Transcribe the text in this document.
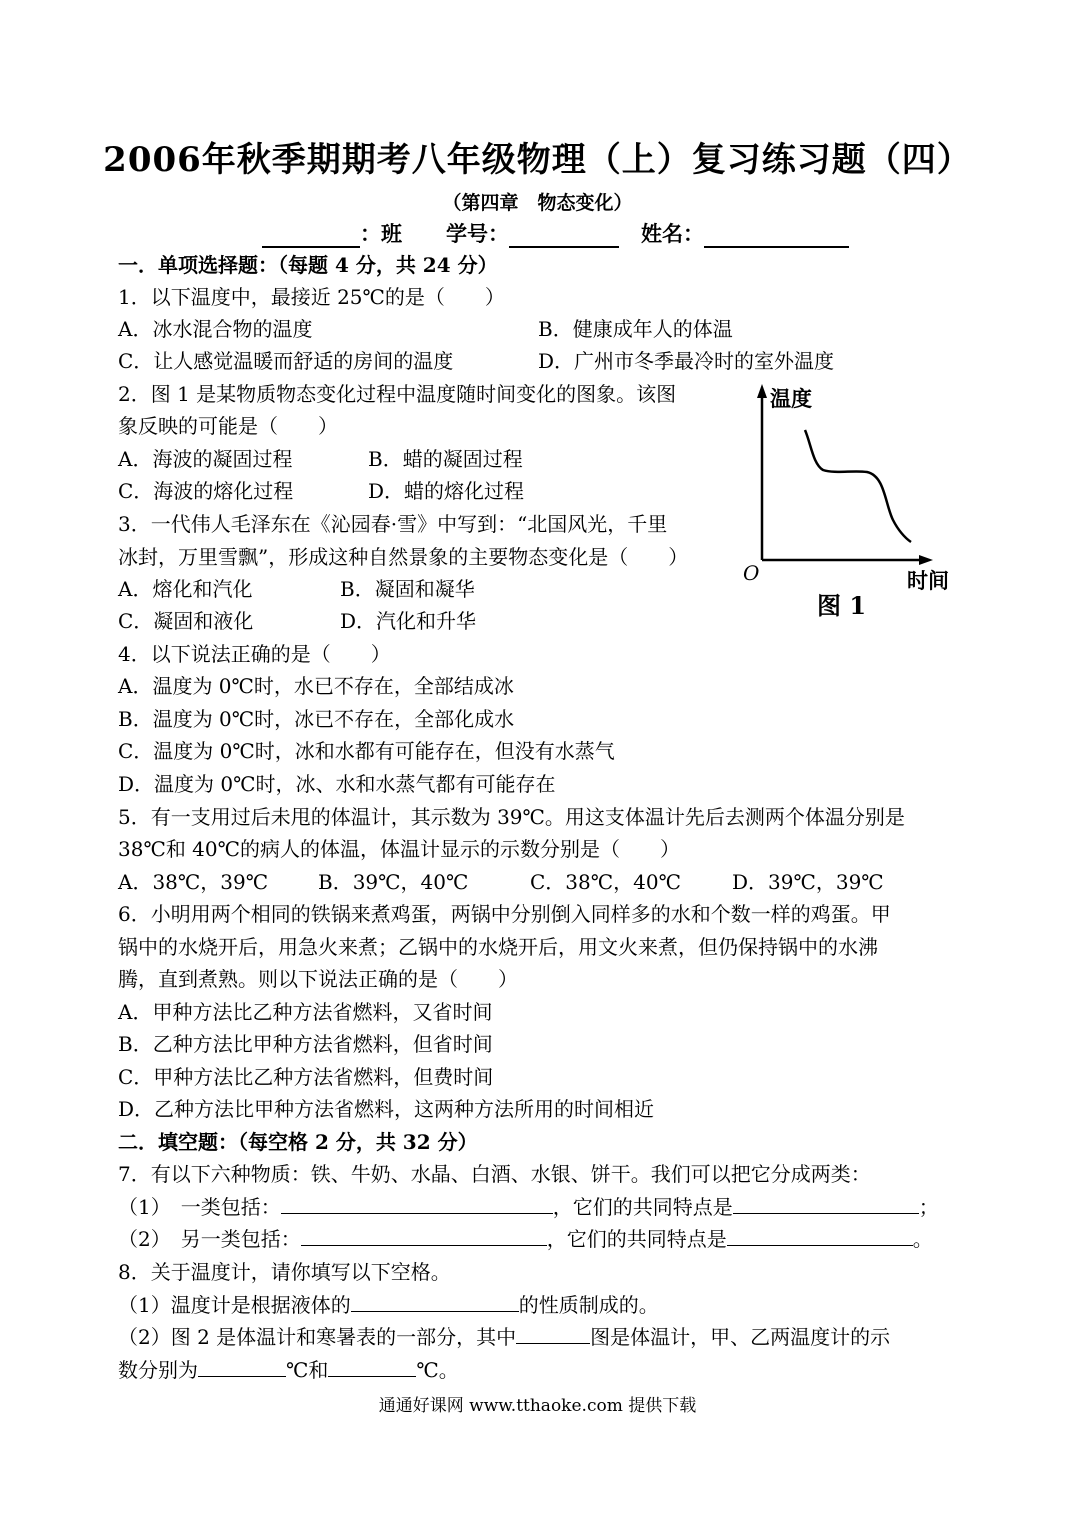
2006年秋季期期考八年级物理（上）复习练习题（四）

（第四章　物态变化）

：班 学号：	姓名：
一．单项选择题：（每题 4 分，共 24 分）
1．以下温度中，最接近 25℃的是（　　）
A．冰水混合物的温度	B．健康成年人的体温
C．让人感觉温暖而舒适的房间的温度	D．广州市冬季最冷时的室外温度
2．图 1 是某物质物态变化过程中温度随时间变化的图象。该图
象反映的可能是（　　）
A．海波的凝固过程	B．蜡的凝固过程
C．海波的熔化过程	D．蜡的熔化过程
3．一代伟人毛泽东在《沁园春·雪》中写到：“北国风光，千里
冰封，万里雪飘”，形成这种自然景象的主要物态变化是（　　）
A．熔化和汽化	B．凝固和凝华
C．凝固和液化	D．汽化和升华
4．以下说法正确的是（　　）
A．温度为 0℃时，水已不存在，全部结成冰
B．温度为 0℃时，冰已不存在，全部化成水
C．温度为 0℃时，冰和水都有可能存在，但没有水蒸气
D．温度为 0℃时，冰、水和水蒸气都有可能存在
5．有一支用过后未甩的体温计，其示数为 39℃。用这支体温计先后去测两个体温分别是
38℃和 40℃的病人的体温，体温计显示的示数分别是（　　）
A．38℃，39℃ B．39℃，40℃	C．38℃，40℃	D．39℃，39℃
6．小明用两个相同的铁锅来煮鸡蛋，两锅中分别倒入同样多的水和个数一样的鸡蛋。甲
锅中的水烧开后，用急火来煮；乙锅中的水烧开后，用文火来煮，但仍保持锅中的水沸
腾，直到煮熟。则以下说法正确的是（　　）
A．甲种方法比乙种方法省燃料，又省时间
B．乙种方法比甲种方法省燃料，但省时间
C．甲种方法比乙种方法省燃料，但费时间
D．乙种方法比甲种方法省燃料，这两种方法所用的时间相近
二．填空题：（每空格 2 分，共 32 分）
7．有以下六种物质：铁、牛奶、水晶、白酒、水银、饼干。我们可以把它分成两类：
（1）　一类包括：	，它们的共同特点是	；
（2）　另一类包括：	，它们的共同特点是	。
8．关于温度计，请你填写以下空格。
（1）温度计是根据液体的	的性质制成的。
（2）图 2 是体温计和寒暑表的一部分，其中	图是体温计，甲、乙两温度计的示
数分别为	℃和	℃。
温度
时间
O
图 1
通通好课网 www.tthaoke.com 提供下载
